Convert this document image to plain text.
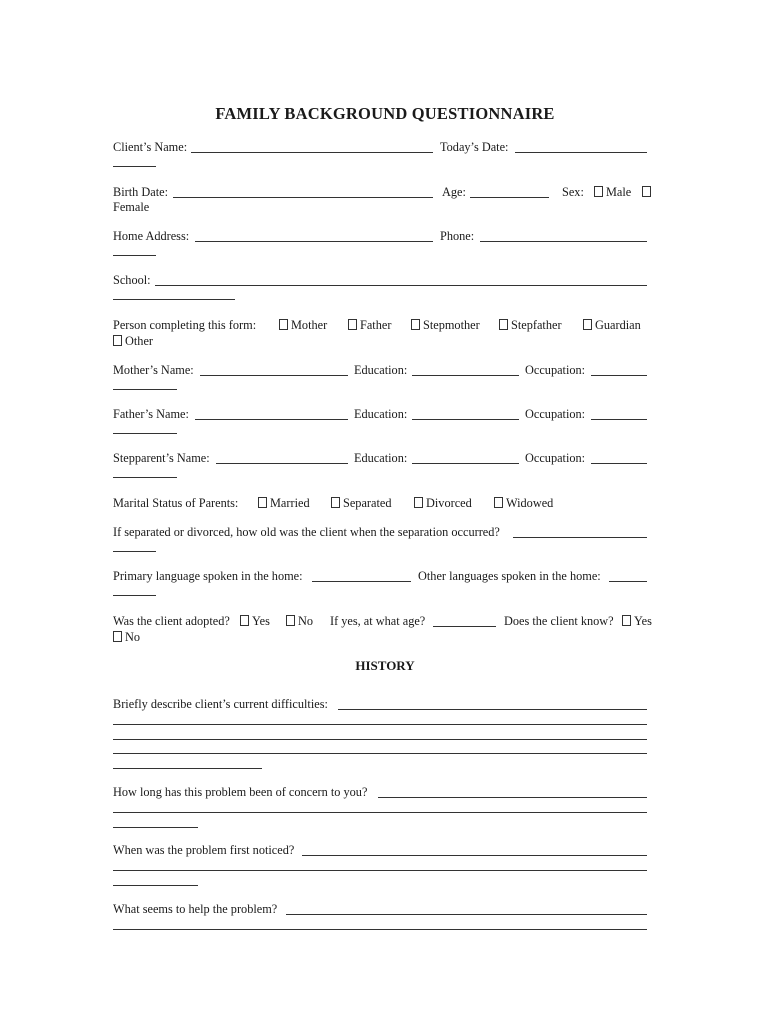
FAMILY BACKGROUND QUESTIONNAIRE
Client’s Name:	Today’s Date:
Birth Date:	Age:	Sex:	Male
Female
Home Address:	Phone:
School:
Person completing this form:	Mother	Father	Stepmother	Stepfather	Guardian
Other
Mother’s Name:	Education:	Occupation:
Father’s Name:	Education:	Occupation:
Stepparent’s Name:	Education:	Occupation:
Marital Status of Parents:	Married	Separated	Divorced	Widowed
If separated or divorced, how old was the client when the separation occurred?
Primary language spoken in the home:	Other languages spoken in the home:
Was the client adopted?	Yes	No If yes, at what age?	Does the client know?	Yes
No
HISTORY
Briefly describe client’s current difficulties:
How long has this problem been of concern to you?
When was the problem first noticed?
What seems to help the problem?
